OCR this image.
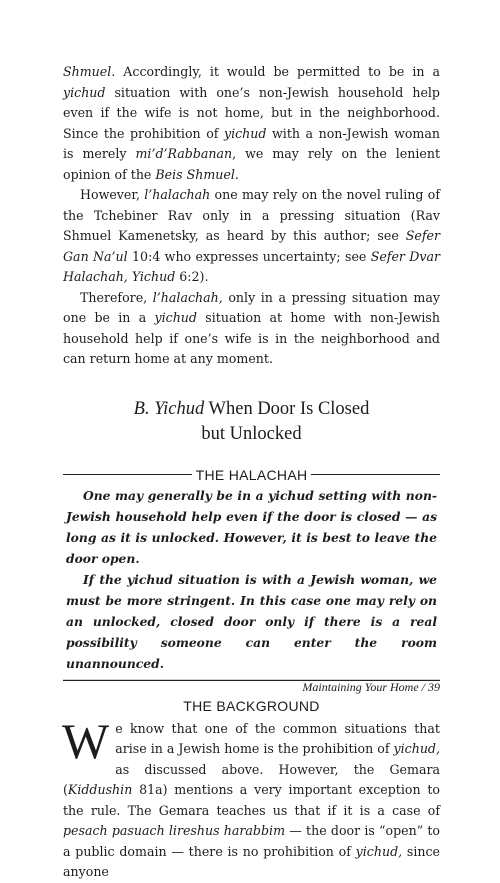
Shmuel. Accordingly, it would be permitted to be in a yichud situation with one’s non-Jewish household help even if the wife is not home, but in the neighborhood. Since the prohibition of yichud with a non-Jewish woman is merely mi’d’Rabbanan, we may rely on the lenient opinion of the Beis Shmuel.

However, l’halachah one may rely on the novel ruling of the Tchebiner Rav only in a pressing situation (Rav Shmuel Kamenetsky, as heard by this author; see Sefer Gan Na’ul 10:4 who expresses uncertainty; see Sefer Dvar Halachah, Yichud 6:2).

Therefore, l’halachah, only in a pressing situation may one be in a yichud situation at home with non-Jewish household help if one’s wife is in the neighborhood and can return home at any moment.

B. Yichud When Door Is Closed
but Unlocked
THE HALACHAH

One may generally be in a yichud setting with non-Jewish household help even if the door is closed — as long as it is unlocked. However, it is best to leave the door open.

If the yichud situation is with a Jewish woman, we must be more stringent. In this case one may rely on an unlocked, closed door only if there is a real possibility someone can enter the room unannounced.

THE BACKGROUND

We know that one of the common situations that arise in a Jewish home is the prohibition of yichud, as discussed above. However, the Gemara (Kiddushin 81a) mentions a very important exception to the rule. The Gemara teaches us that if it is a case of pesach pasuach lireshus harabbim — the door is “open” to a public domain — there is no prohibition of yichud, since anyone

Maintaining Your Home / 39
